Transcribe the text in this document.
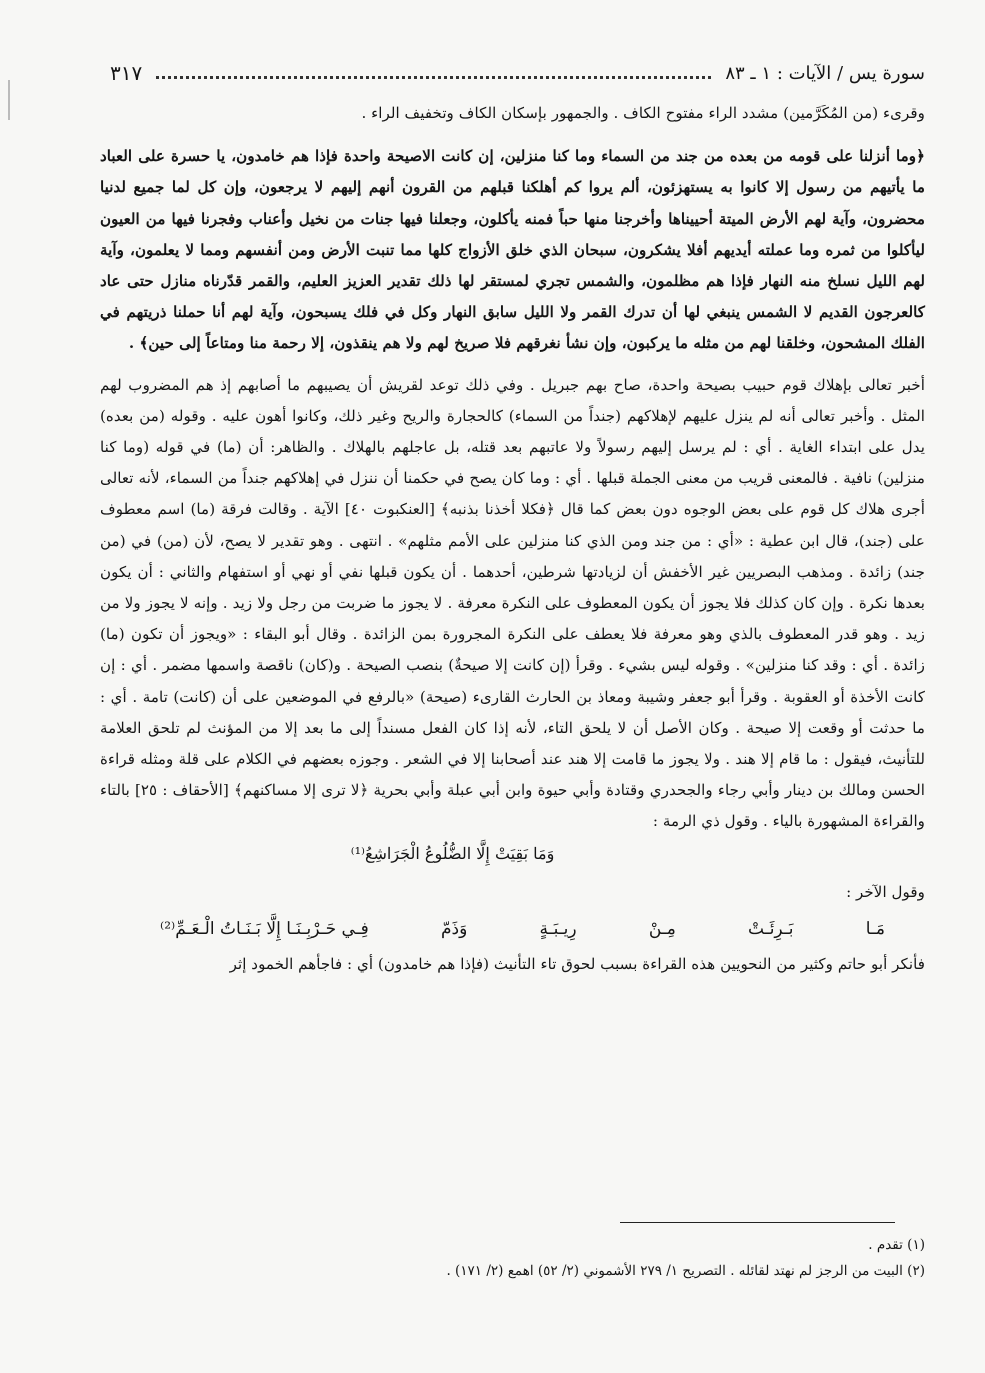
سورة يس / الآيات : ١ ـ ٨٣
٣١٧

وقرىء (من المُكَرَّمين) مشدد الراء مفتوح الكاف . والجمهور بإسكان الكاف وتخفيف الراء .

﴿وما أنزلنا على قومه من بعده من جند من السماء وما كنا منزلين، إن كانت الاصيحة واحدة فإذا هم خامدون، يا حسرة على العباد ما يأتيهم من رسول إلا كانوا به يستهزئون، ألم يروا كم أهلكنا قبلهم من القرون أنهم إليهم لا يرجعون، وإن كل لما جميع لدنيا محضرون، وآية لهم الأرض الميتة أحييناها وأخرجنا منها حباً فمنه يأكلون، وجعلنا فيها جنات من نخيل وأعناب وفجرنا فيها من العيون ليأكلوا من ثمره وما عملته أيديهم أفلا يشكرون، سبحان الذي خلق الأزواج كلها مما تنبت الأرض ومن أنفسهم ومما لا يعلمون، وآية لهم الليل نسلخ منه النهار فإذا هم مظلمون، والشمس تجري لمستقر لها ذلك تقدير العزيز العليم، والقمر قدّرناه منازل حتى عاد كالعرجون القديم لا الشمس ينبغي لها أن تدرك القمر ولا الليل سابق النهار وكل في فلك يسبحون، وآية لهم أنا حملنا ذريتهم في الفلك المشحون، وخلقنا لهم من مثله ما يركبون، وإن نشأ نغرقهم فلا صريخ لهم ولا هم ينقذون، إلا رحمة منا ومتاعاً إلى حين﴾ .

أخبر تعالى بإهلاك قوم حبيب بصيحة واحدة، صاح بهم جبريل . وفي ذلك توعد لقريش أن يصيبهم ما أصابهم إذ هم المضروب لهم المثل . وأخبر تعالى أنه لم ينزل عليهم لإهلاكهم (جنداً من السماء) كالحجارة والريح وغير ذلك، وكانوا أهون عليه . وقوله (من بعده) يدل على ابتداء الغاية . أي : لم يرسل إليهم رسولاً ولا عاتبهم بعد قتله، بل عاجلهم بالهلاك . والظاهر: أن (ما) في قوله (وما كنا منزلين) نافية . فالمعنى قريب من معنى الجملة قبلها . أي : وما كان يصح في حكمنا أن ننزل في إهلاكهم جنداً من السماء، لأنه تعالى أجرى هلاك كل قوم على بعض الوجوه دون بعض كما قال ﴿فكلا أخذنا بذنبه﴾ [العنكبوت ٤٠] الآية . وقالت فرقة (ما) اسم معطوف على (جند)، قال ابن عطية : «أي : من جند ومن الذي كنا منزلين على الأمم مثلهم» . انتهى . وهو تقدير لا يصح، لأن (من) في (من جند) زائدة . ومذهب البصريين غير الأخفش أن لزيادتها شرطين، أحدهما . أن يكون قبلها نفي أو نهي أو استفهام والثاني : أن يكون بعدها نكرة . وإن كان كذلك فلا يجوز أن يكون المعطوف على النكرة معرفة . لا يجوز ما ضربت من رجل ولا زيد . وإنه لا يجوز ولا من زيد . وهو قدر المعطوف بالذي وهو معرفة فلا يعطف على النكرة المجرورة بمن الزائدة . وقال أبو البقاء : «ويجوز أن تكون (ما) زائدة . أي : وقد كنا منزلين» . وقوله ليس بشيء . وقرأ (إن كانت إلا صيحةٌ) بنصب الصيحة . و(كان) ناقصة واسمها مضمر . أي : إن كانت الأخذة أو العقوبة . وقرأ أبو جعفر وشيبة ومعاذ بن الحارث القارىء (صيحة) «بالرفع في الموضعين على أن (كانت) تامة . أي : ما حدثت أو وقعت إلا صيحة . وكان الأصل أن لا يلحق التاء، لأنه إذا كان الفعل مسنداً إلى ما بعد إلا من المؤنث لم تلحق العلامة للتأنيث، فيقول : ما قام إلا هند . ولا يجوز ما قامت إلا هند عند أصحابنا إلا في الشعر . وجوزه بعضهم في الكلام على قلة ومثله قراءة الحسن ومالك بن دينار وأبي رجاء والجحدري وقتادة وأبي حيوة وابن أبي عبلة وأبي بحرية ﴿لا ترى إلا مساكنهم﴾ [الأحقاف : ٢٥] بالتاء والقراءة المشهورة بالياء . وقول ذي الرمة :

وَمَا بَقِيَتْ إِلَّا الضُّلُوعُ الْجَرَاشِعُ⁽¹⁾

وقول الآخر :

مَـا
بَـرِئَـتْ
مِـنْ
رِيـبَـةٍ
وَذَمّ
فِـي حَـرْبِـنَـا إِلَّا بَـنَـاتُ الْـعَـمِّ⁽²⁾

فأنكر أبو حاتم وكثير من النحويين هذه القراءة بسبب لحوق تاء التأنيث (فإذا هم خامدون) أي : فاجأهم الخمود إثر

(١) تقدم .
(٢) البيت من الرجز لم نهتد لقائله . التصريح ١/ ٢٧٩ الأشموني (٢/ ٥٢) اهمع (٢/ ١٧١) .
